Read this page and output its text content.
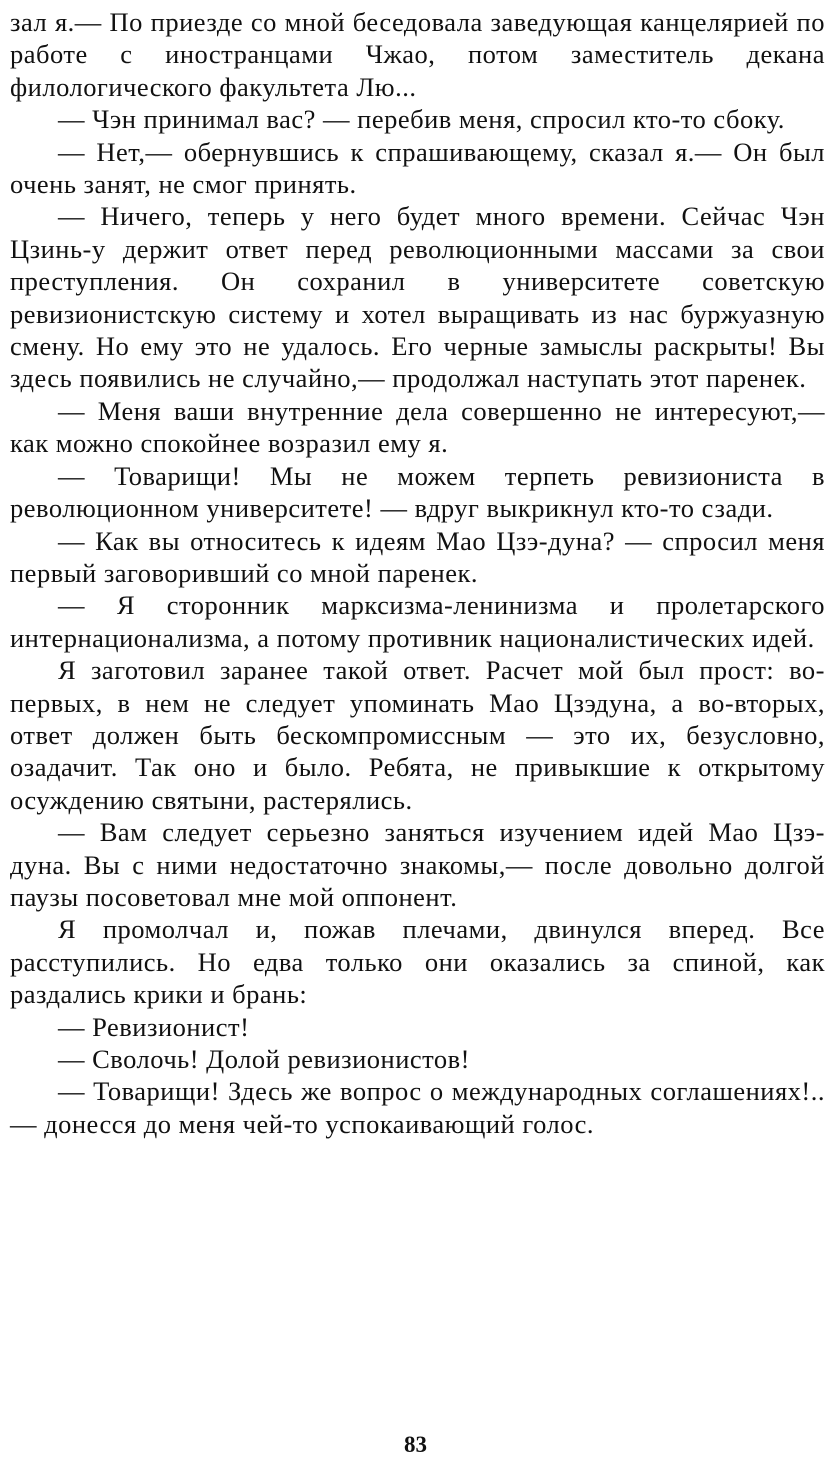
зал я.— По приезде со мной беседовала заведующая канцелярией по работе с иностранцами Чжао, потом заместитель декана филологического факультета Лю...

— Чэн принимал вас? — перебив меня, спросил кто-то сбоку.

— Нет,— обернувшись к спрашивающему, сказал я.— Он был очень занят, не смог принять.

— Ничего, теперь у него будет много времени. Сейчас Чэн Цзинь-у держит ответ перед революционными массами за свои преступления. Он сохранил в университете советскую ревизионистскую систему и хотел выращивать из нас буржуазную смену. Но ему это не удалось. Его черные замыслы раскрыты! Вы здесь появились не случайно,— продолжал наступать этот паренек.

— Меня ваши внутренние дела совершенно не интересуют,— как можно спокойнее возразил ему я.

— Товарищи! Мы не можем терпеть ревизиониста в революционном университете! — вдруг выкрикнул кто-то сзади.

— Как вы относитесь к идеям Мао Цзэ-дуна? — спросил меня первый заговоривший со мной паренек.

— Я сторонник марксизма-ленинизма и пролетарского интернационализма, а потому противник националистических идей.

Я заготовил заранее такой ответ. Расчет мой был прост: во-первых, в нем не следует упоминать Мао Цзэдуна, а во-вторых, ответ должен быть бескомпромиссным — это их, безусловно, озадачит. Так оно и было. Ребята, не привыкшие к открытому осуждению святыни, растерялись.

— Вам следует серьезно заняться изучением идей Мао Цзэ-дуна. Вы с ними недостаточно знакомы,— после довольно долгой паузы посоветовал мне мой оппонент.

Я промолчал и, пожав плечами, двинулся вперед. Все расступились. Но едва только они оказались за спиной, как раздались крики и брань:

— Ревизионист!

— Сволочь! Долой ревизионистов!

— Товарищи! Здесь же вопрос о международных соглашениях!..— донесся до меня чей-то успокаивающий голос.

83
